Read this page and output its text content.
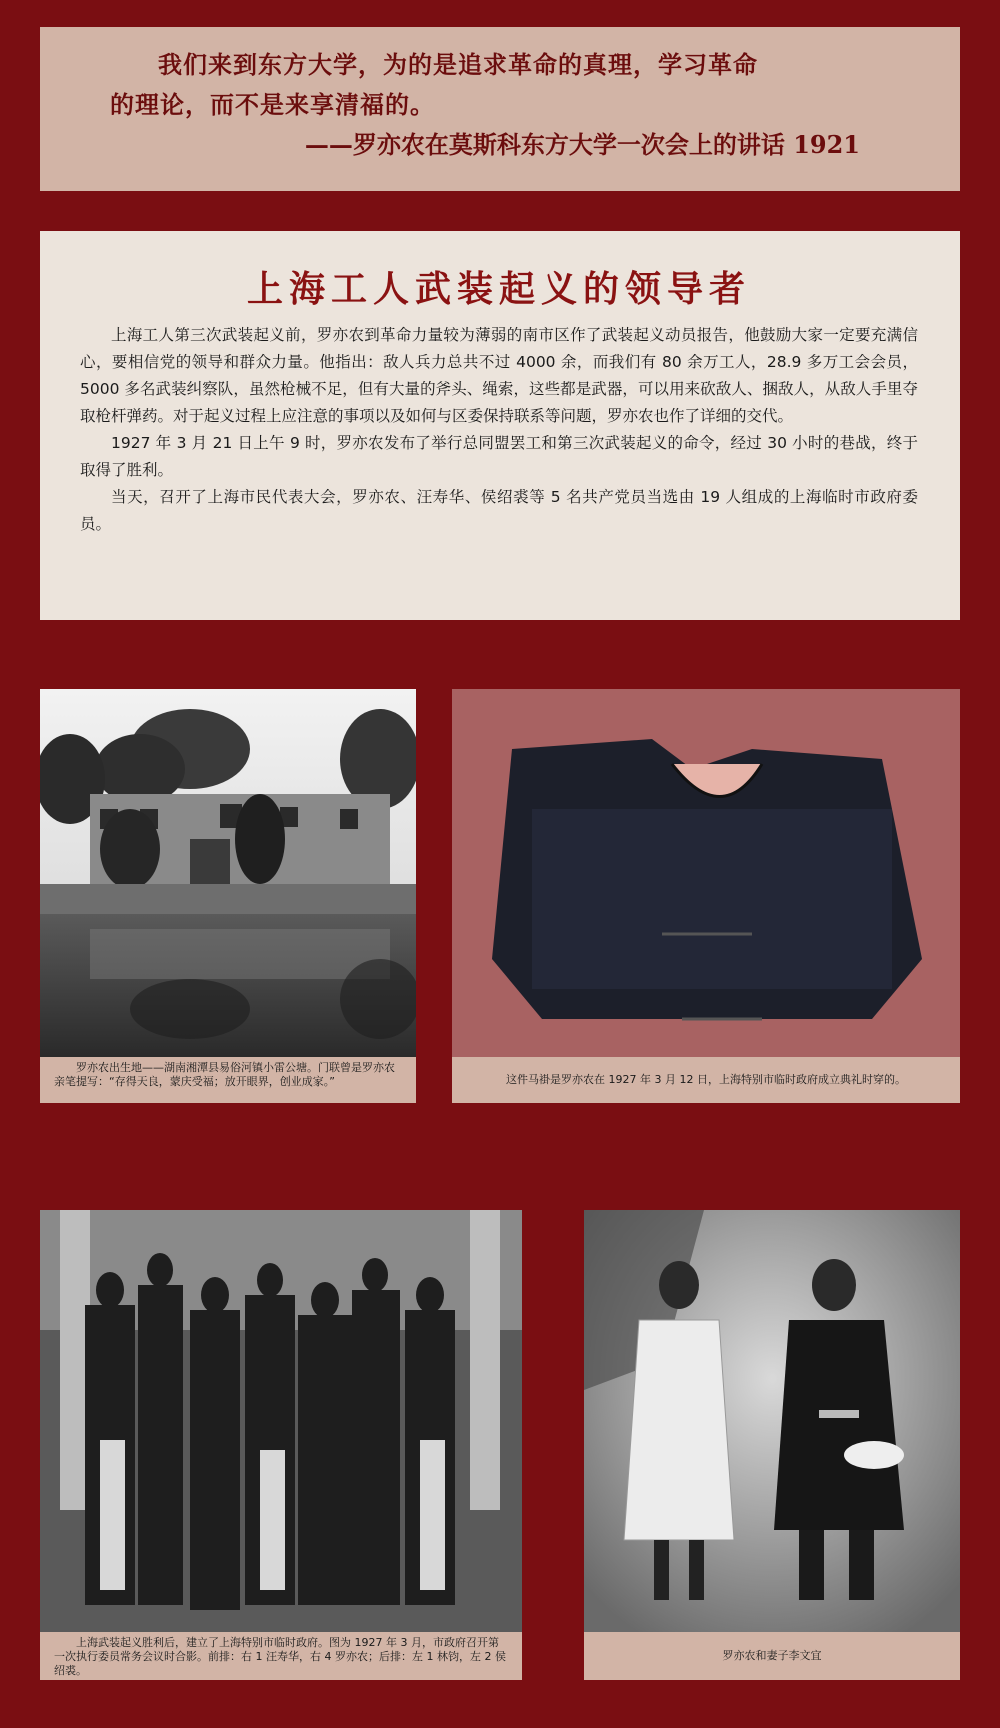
我们来到东方大学，为的是追求革命的真理，学习革命
的理论，而不是来享清福的。
——罗亦农在莫斯科东方大学一次会上的讲话 1921
上海工人武装起义的领导者

上海工人第三次武装起义前，罗亦农到革命力量较为薄弱的南市区作了武装起义动员报告，他鼓励大家一定要充满信心，要相信党的领导和群众力量。他指出：敌人兵力总共不过 4000 余，而我们有 80 余万工人，28.9 多万工会会员，5000 多名武装纠察队，虽然枪械不足，但有大量的斧头、绳索，这些都是武器，可以用来砍敌人、捆敌人，从敌人手里夺取枪杆弹药。对于起义过程上应注意的事项以及如何与区委保持联系等问题，罗亦农也作了详细的交代。

1927 年 3 月 21 日上午 9 时，罗亦农发布了举行总同盟罢工和第三次武装起义的命令，经过 30 小时的巷战，终于取得了胜利。

当天，召开了上海市民代表大会，罗亦农、汪寿华、侯绍裘等 5 名共产党员当选由 19 人组成的上海临时市政府委员。

罗亦农出生地——湖南湘潭县易俗河镇小雷公塘。门联曾是罗亦农亲笔提写：“存得天良，蒙庆受福；放开眼界，创业成家。”	这件马褂是罗亦农在 1927 年 3 月 12 日，上海特别市临时政府成立典礼时穿的。
上海武装起义胜利后，建立了上海特别市临时政府。图为 1927 年 3 月，市政府召开第一次执行委员常务会议时合影。前排：右 1 汪寿华，右 4 罗亦农；后排：左 1 林钧，左 2 侯绍裘。
罗亦农和妻子李文宜
